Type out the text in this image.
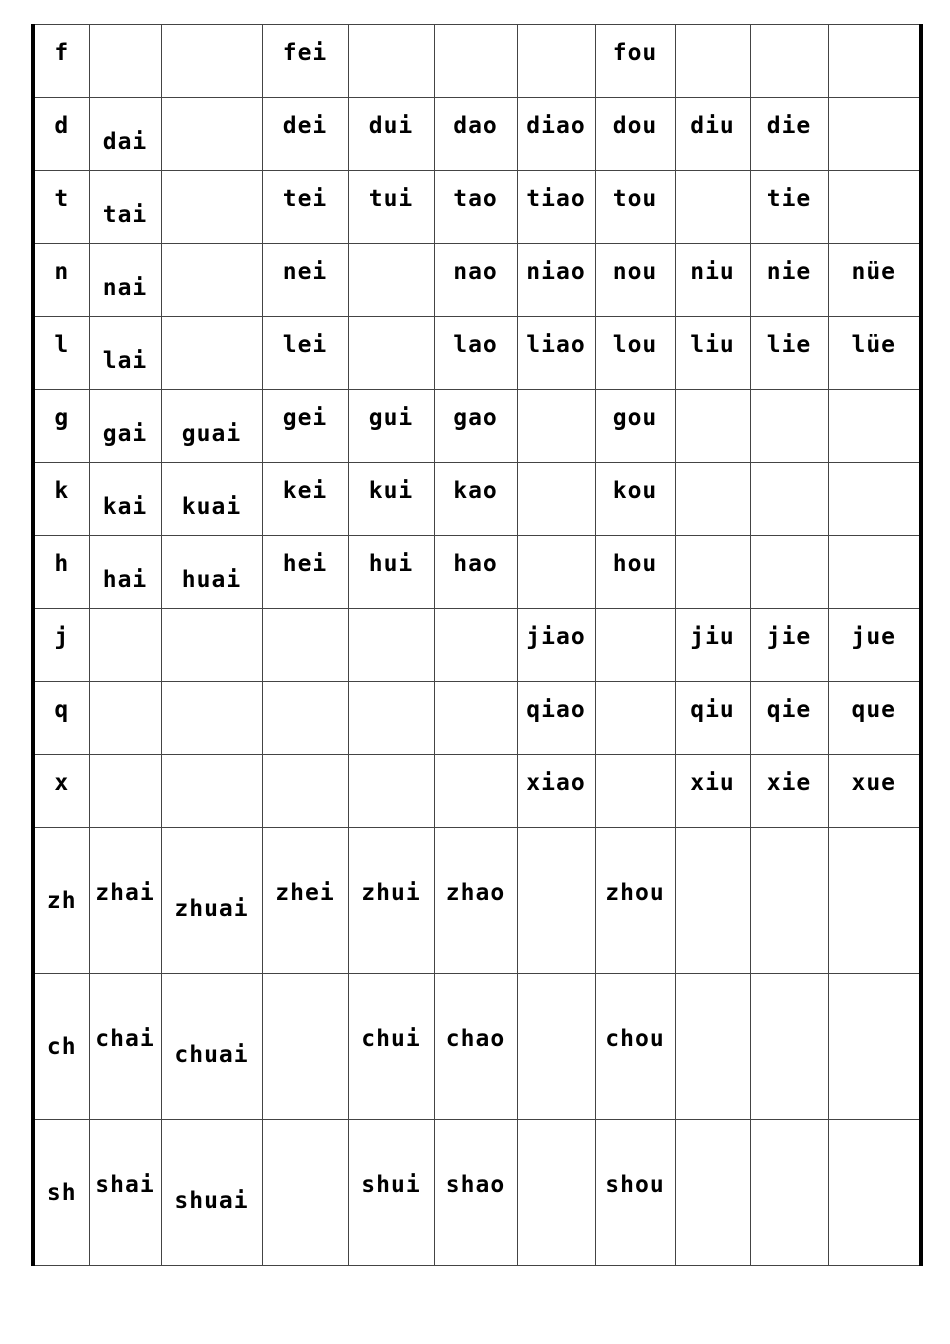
f			fei				fou			
d	dai		dei	dui	dao	diao	dou	diu	die	
t	tai		tei	tui	tao	tiao	tou		tie	
n	nai		nei		nao	niao	nou	niu	nie	nüe
l	lai		lei		lao	liao	lou	liu	lie	lüe
g	gai	guai	gei	gui	gao		gou			
k	kai	kuai	kei	kui	kao		kou			
h	hai	huai	hei	hui	hao		hou			
j						jiao		jiu	jie	jue
q						qiao		qiu	qie	que
x						xiao		xiu	xie	xue
zh	zhai	zhuai	zhei	zhui	zhao		zhou			
ch	chai	chuai		chui	chao		chou			
sh	shai	shuai		shui	shao		shou			
